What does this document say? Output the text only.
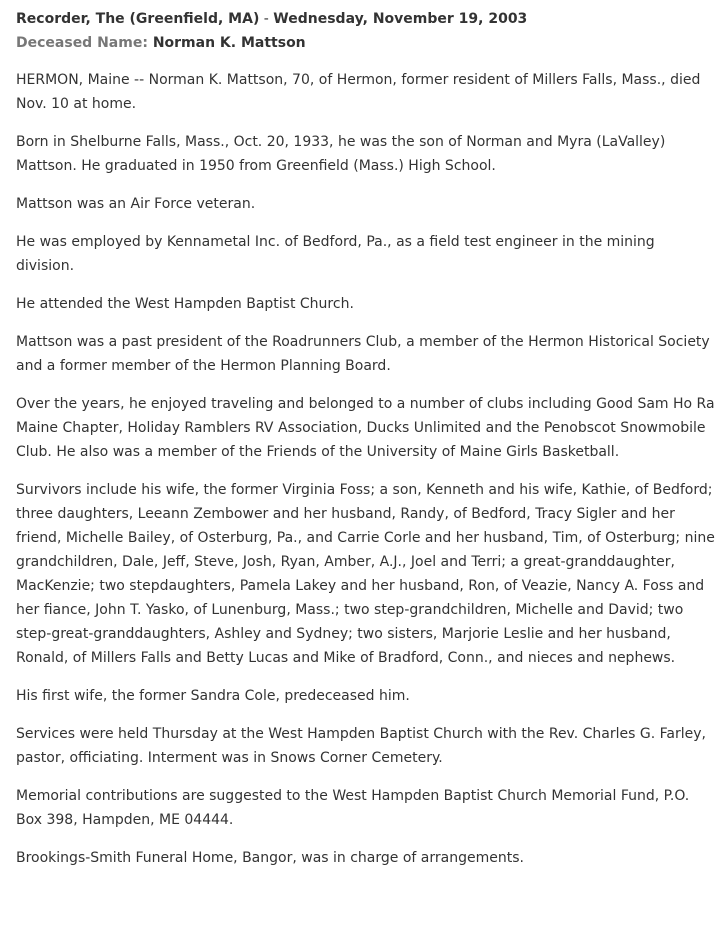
Recorder, The (Greenfield, MA) - Wednesday, November 19, 2003
Deceased Name: Norman K. Mattson

HERMON, Maine -- Norman K. Mattson, 70, of Hermon, former resident of Millers Falls, Mass., died Nov. 10 at home.

Born in Shelburne Falls, Mass., Oct. 20, 1933, he was the son of Norman and Myra (LaValley) Mattson. He graduated in 1950 from Greenfield (Mass.) High School.

Mattson was an Air Force veteran.

He was employed by Kennametal Inc. of Bedford, Pa., as a field test engineer in the mining division.

He attended the West Hampden Baptist Church.

Mattson was a past president of the Roadrunners Club, a member of the Hermon Historical Society and a former member of the Hermon Planning Board.

Over the years, he enjoyed traveling and belonged to a number of clubs including Good Sam Ho Ra Maine Chapter, Holiday Ramblers RV Association, Ducks Unlimited and the Penobscot Snowmobile Club. He also was a member of the Friends of the University of Maine Girls Basketball.

Survivors include his wife, the former Virginia Foss; a son, Kenneth and his wife, Kathie, of Bedford; three daughters, Leeann Zembower and her husband, Randy, of Bedford, Tracy Sigler and her friend, Michelle Bailey, of Osterburg, Pa., and Carrie Corle and her husband, Tim, of Osterburg; nine grandchildren, Dale, Jeff, Steve, Josh, Ryan, Amber, A.J., Joel and Terri; a great-granddaughter, MacKenzie; two stepdaughters, Pamela Lakey and her husband, Ron, of Veazie, Nancy A. Foss and her fiance, John T. Yasko, of Lunenburg, Mass.; two step-grandchildren, Michelle and David; two step-great-granddaughters, Ashley and Sydney; two sisters, Marjorie Leslie and her husband, Ronald, of Millers Falls and Betty Lucas and Mike of Bradford, Conn., and nieces and nephews.

His first wife, the former Sandra Cole, predeceased him.

Services were held Thursday at the West Hampden Baptist Church with the Rev. Charles G. Farley, pastor, officiating. Interment was in Snows Corner Cemetery.

Memorial contributions are suggested to the West Hampden Baptist Church Memorial Fund, P.O. Box 398, Hampden, ME 04444.

Brookings-Smith Funeral Home, Bangor, was in charge of arrangements.
